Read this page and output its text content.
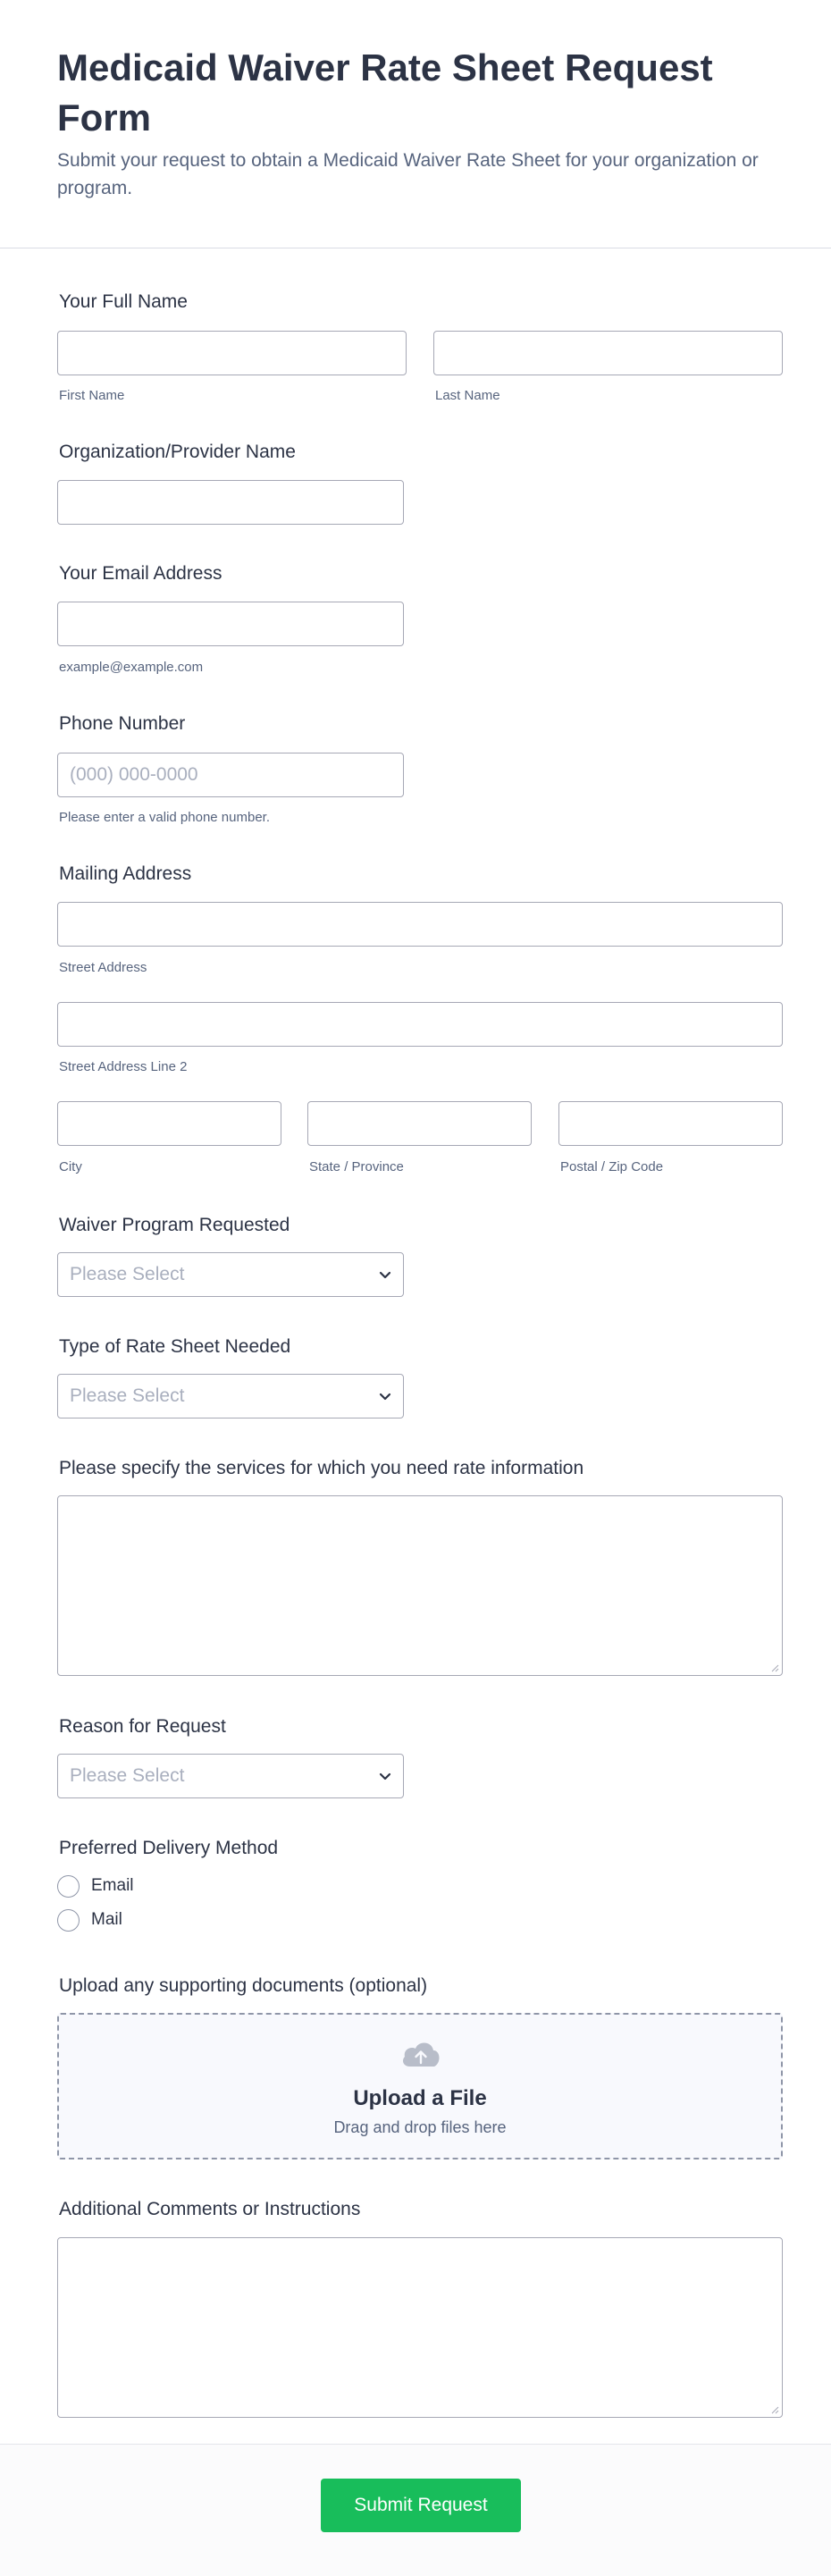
Medicaid Waiver Rate Sheet Request Form

Submit your request to obtain a Medicaid Waiver Rate Sheet for your organization or program.

Your Full Name
First Name	Last Name
Organization/Provider Name
Your Email Address
example@example.com
Phone Number
(000) 000-0000
Please enter a valid phone number.
Mailing Address
Street Address
Street Address Line 2
City	State / Province	Postal / Zip Code
Waiver Program Requested
Please Select
Type of Rate Sheet Needed
Please Select
Please specify the services for which you need rate information
Reason for Request
Please Select
Preferred Delivery Method
Email
Mail
Upload any supporting documents (optional)
Upload a File
Drag and drop files here
Additional Comments or Instructions
Submit Request
